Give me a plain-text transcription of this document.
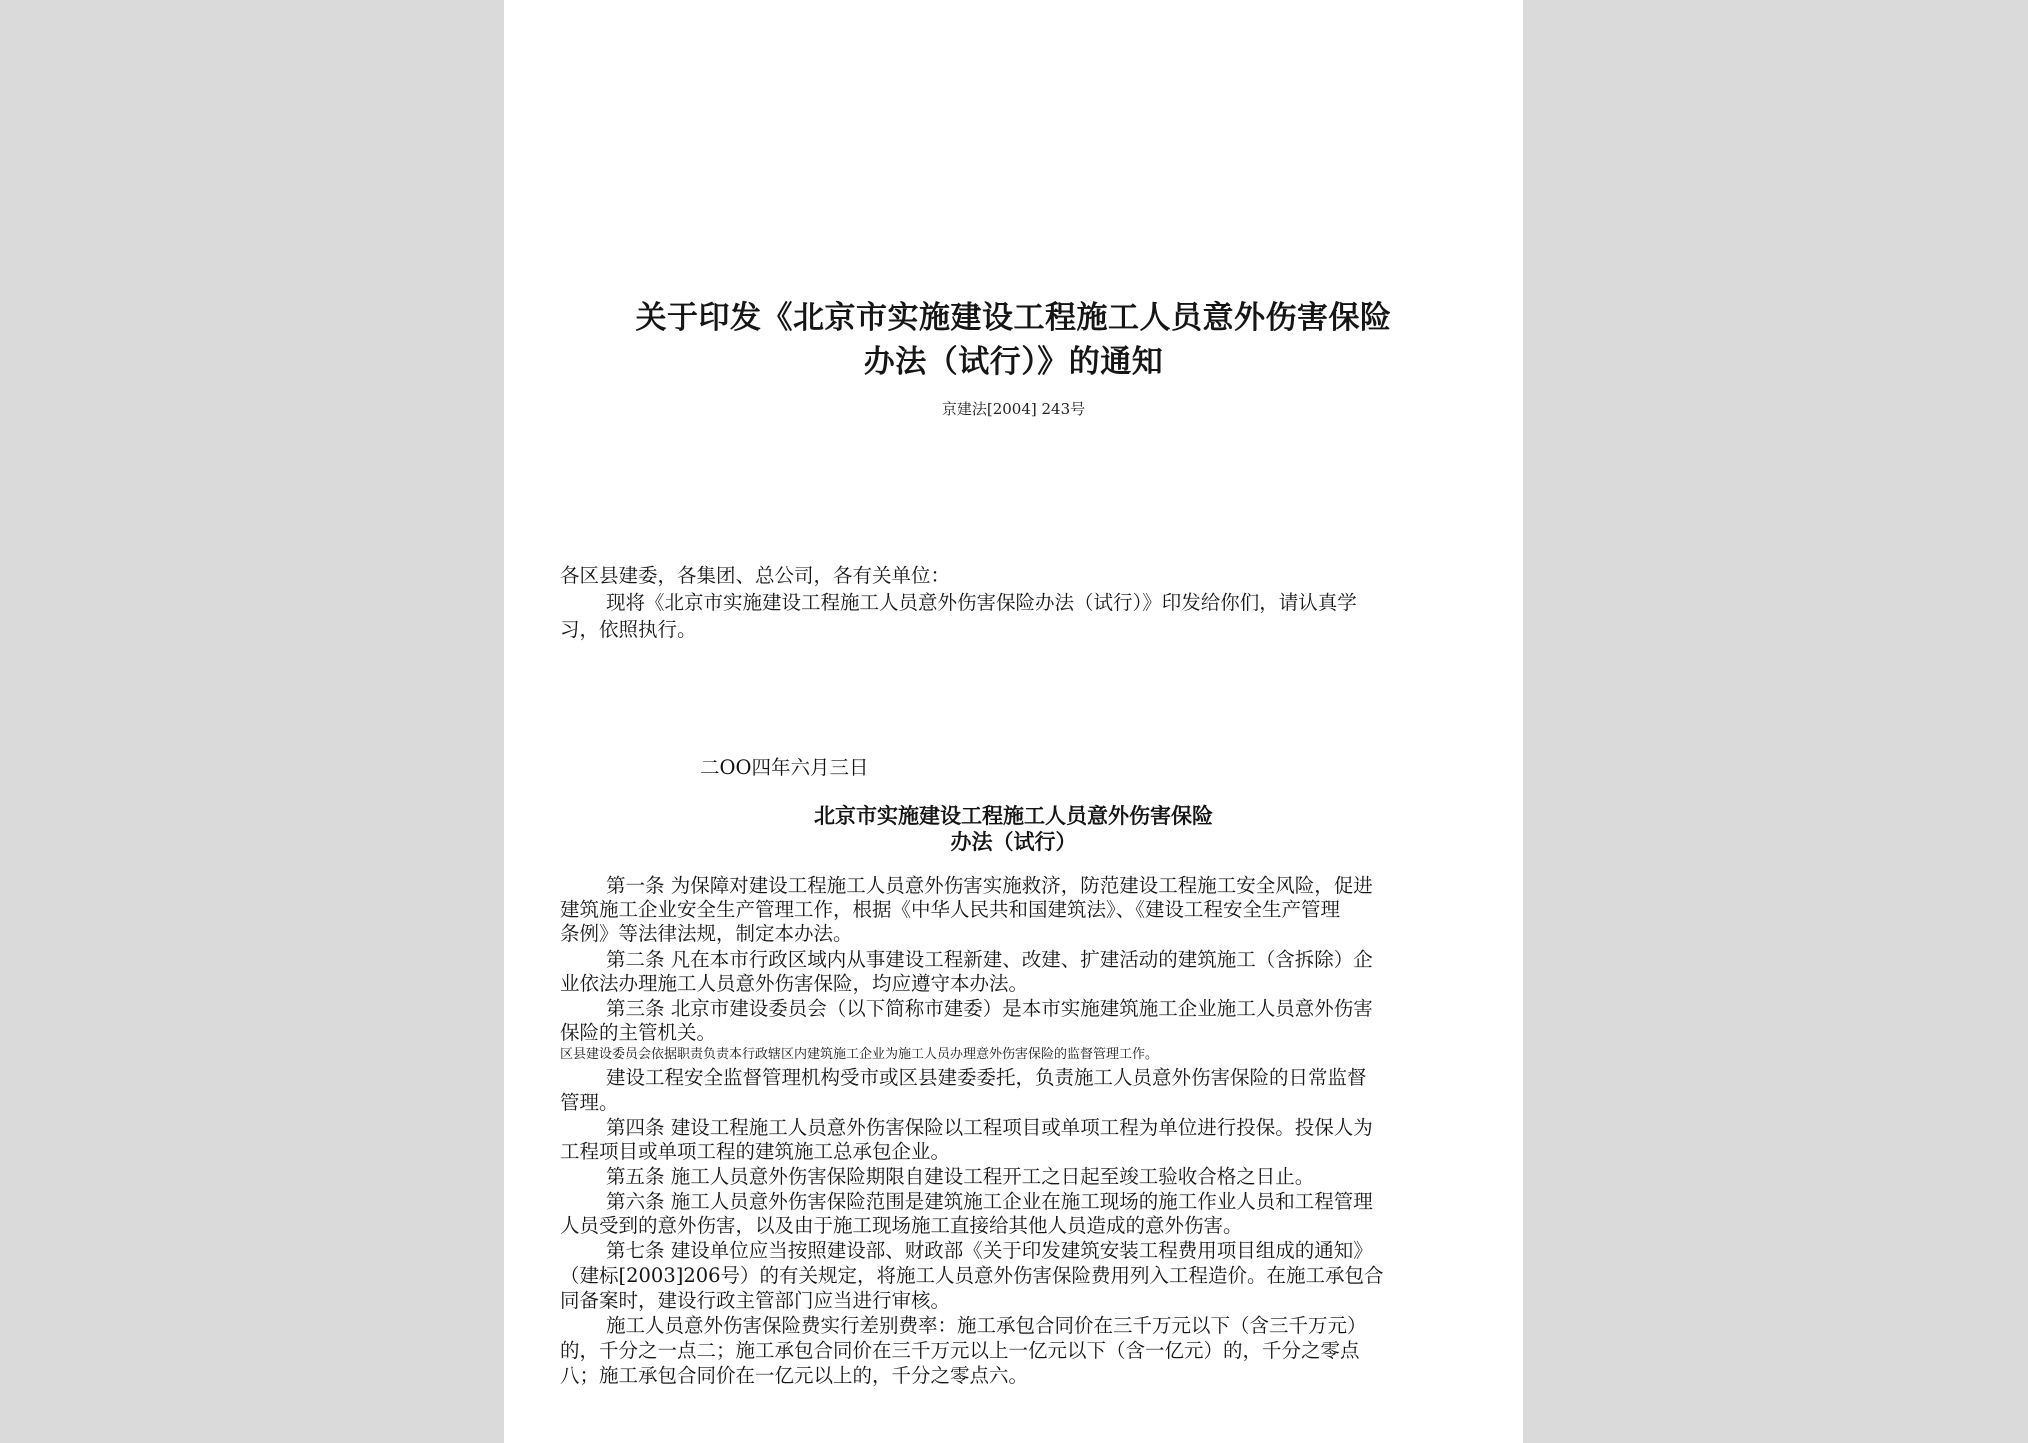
关于印发《北京市实施建设工程施工人员意外伤害保险
办法（试行）》的通知
京建法[2004] 243号
各区县建委，各集团、总公司，各有关单位：
现将《北京市实施建设工程施工人员意外伤害保险办法（试行）》印发给你们，请认真学
习，依照执行。
二OO四年六月三日
北京市实施建设工程施工人员意外伤害保险
办法（试行）
第一条 为保障对建设工程施工人员意外伤害实施救济，防范建设工程施工安全风险，促进
建筑施工企业安全生产管理工作，根据《中华人民共和国建筑法》、《建设工程安全生产管理
条例》等法律法规，制定本办法。
第二条 凡在本市行政区域内从事建设工程新建、改建、扩建活动的建筑施工（含拆除）企
业依法办理施工人员意外伤害保险，均应遵守本办法。
第三条 北京市建设委员会（以下简称市建委）是本市实施建筑施工企业施工人员意外伤害
保险的主管机关。
区县建设委员会依据职责负责本行政辖区内建筑施工企业为施工人员办理意外伤害保险的监督管理工作。
建设工程安全监督管理机构受市或区县建委委托，负责施工人员意外伤害保险的日常监督
管理。
第四条 建设工程施工人员意外伤害保险以工程项目或单项工程为单位进行投保。投保人为
工程项目或单项工程的建筑施工总承包企业。
第五条 施工人员意外伤害保险期限自建设工程开工之日起至竣工验收合格之日止。
第六条 施工人员意外伤害保险范围是建筑施工企业在施工现场的施工作业人员和工程管理
人员受到的意外伤害，以及由于施工现场施工直接给其他人员造成的意外伤害。
第七条 建设单位应当按照建设部、财政部《关于印发建筑安装工程费用项目组成的通知》
（建标[2003]206号）的有关规定，将施工人员意外伤害保险费用列入工程造价。在施工承包合
同备案时，建设行政主管部门应当进行审核。
施工人员意外伤害保险费实行差别费率：施工承包合同价在三千万元以下（含三千万元）
的，千分之一点二；施工承包合同价在三千万元以上一亿元以下（含一亿元）的，千分之零点
八；施工承包合同价在一亿元以上的，千分之零点六。
